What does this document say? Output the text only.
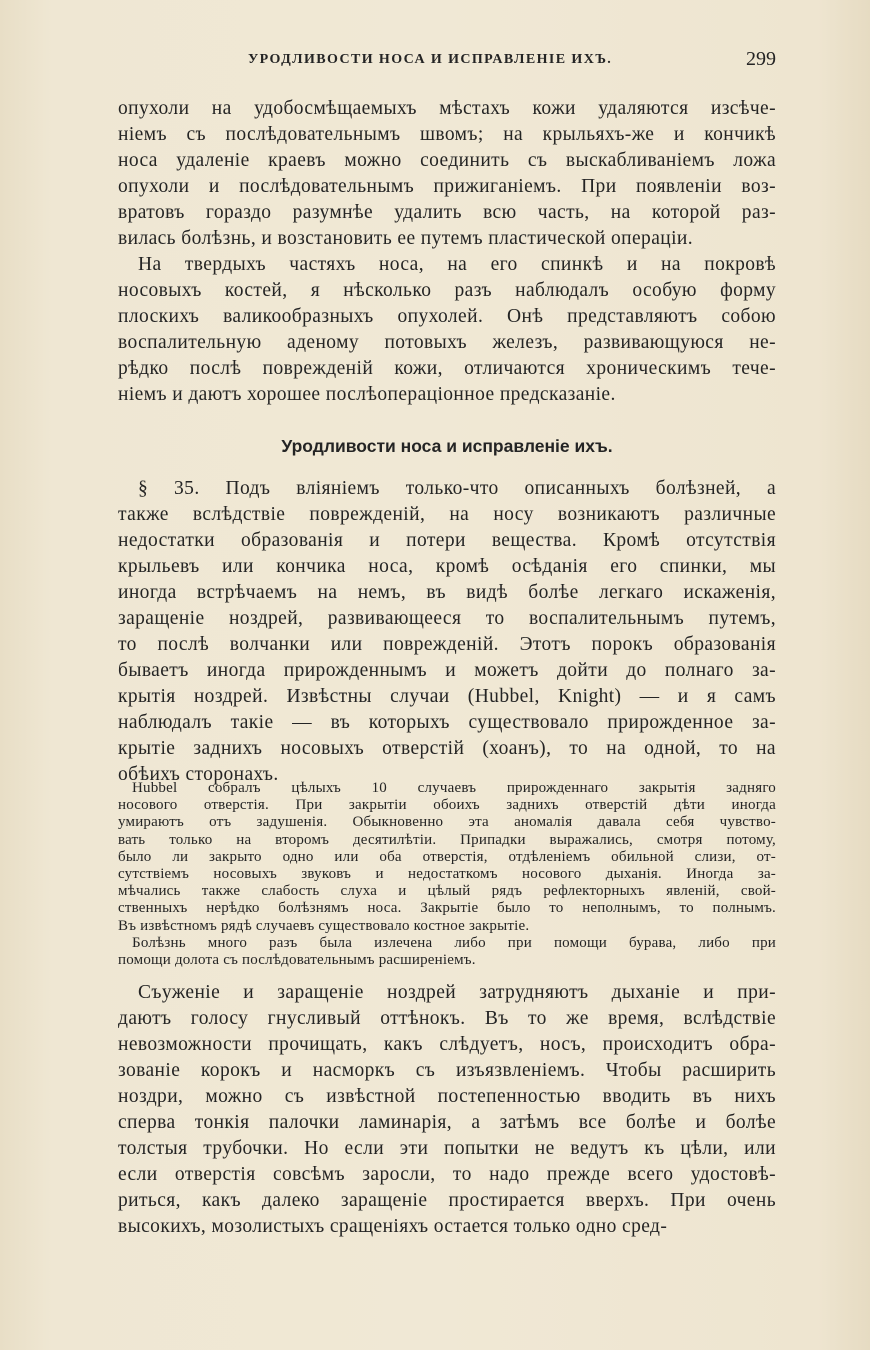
УРОДЛИВОСТИ НОСА И ИСПРАВЛЕНІЕ ИХЪ.	299
опухоли на удобосмѣщаемыхъ мѣстахъ кожи удаляются изсѣче-
ніемъ съ послѣдовательнымъ швомъ; на крыльяхъ-же и кончикѣ
носа удаленіе краевъ можно соединить съ выскабливаніемъ ложа
опухоли и послѣдовательнымъ прижиганіемъ. При появленіи воз-
вратовъ гораздо разумнѣе удалить всю часть, на которой раз-
вилась болѣзнь, и возстановить ее путемъ пластической операціи.
На твердыхъ частяхъ носа, на его спинкѣ и на покровѣ
носовыхъ костей, я нѣсколько разъ наблюдалъ особую форму
плоскихъ валикообразныхъ опухолей. Онѣ представляютъ собою
воспалительную аденому потовыхъ железъ, развивающуюся не-
рѣдко послѣ поврежденій кожи, отличаются хроническимъ тече-
ніемъ и даютъ хорошее послѣопераціонное предсказаніе.
Уродливости носа и исправленіе ихъ.
§ 35. Подъ вліяніемъ только-что описанныхъ болѣзней, а
также вслѣдствіе поврежденій, на носу возникаютъ различные
недостатки образованія и потери вещества. Кромѣ отсутствія
крыльевъ или кончика носа, кромѣ осѣданія его спинки, мы
иногда встрѣчаемъ на немъ, въ видѣ болѣе легкаго искаженія,
заращеніе ноздрей, развивающееся то воспалительнымъ путемъ,
то послѣ волчанки или поврежденій. Этотъ порокъ образованія
бываетъ иногда прирожденнымъ и можетъ дойти до полнаго за-
крытія ноздрей. Извѣстны случаи (Hubbel, Knight) — и я самъ
наблюдалъ такіе — въ которыхъ существовало прирожденное за-
крытіе заднихъ носовыхъ отверстій (хоанъ), то на одной, то на
обѣихъ сторонахъ.
Hubbel собралъ цѣлыхъ 10 случаевъ прирожденнаго закрытія задняго
носового отверстія. При закрытіи обоихъ заднихъ отверстій дѣти иногда
умираютъ отъ задушенія. Обыкновенно эта аномалія давала себя чувство-
вать только на второмъ десятилѣтіи. Припадки выражались, смотря потому,
было ли закрыто одно или оба отверстія, отдѣленіемъ обильной слизи, от-
сутствіемъ носовыхъ звуковъ и недостаткомъ носового дыханія. Иногда за-
мѣчались также слабость слуха и цѣлый рядъ рефлекторныхъ явленій, свой-
ственныхъ нерѣдко болѣзнямъ носа. Закрытіе было то неполнымъ, то полнымъ.
Въ извѣстномъ рядѣ случаевъ существовало костное закрытіе.
Болѣзнь много разъ была излечена либо при помощи бурава, либо при
помощи долота съ послѣдовательнымъ расширеніемъ.
Съуженіе и заращеніе ноздрей затрудняютъ дыханіе и при-
даютъ голосу гнусливый оттѣнокъ. Въ то же время, вслѣдствіе
невозможности прочищать, какъ слѣдуетъ, носъ, происходитъ обра-
зованіе корокъ и насморкъ съ изъязвленіемъ. Чтобы расширить
ноздри, можно съ извѣстной постепенностью вводить въ нихъ
сперва тонкія палочки ламинарія, а затѣмъ все болѣе и болѣе
толстыя трубочки. Но если эти попытки не ведутъ къ цѣли, или
если отверстія совсѣмъ заросли, то надо прежде всего удостовѣ-
риться, какъ далеко заращеніе простирается вверхъ. При очень
высокихъ, мозолистыхъ сращеніяхъ остается только одно сред-
